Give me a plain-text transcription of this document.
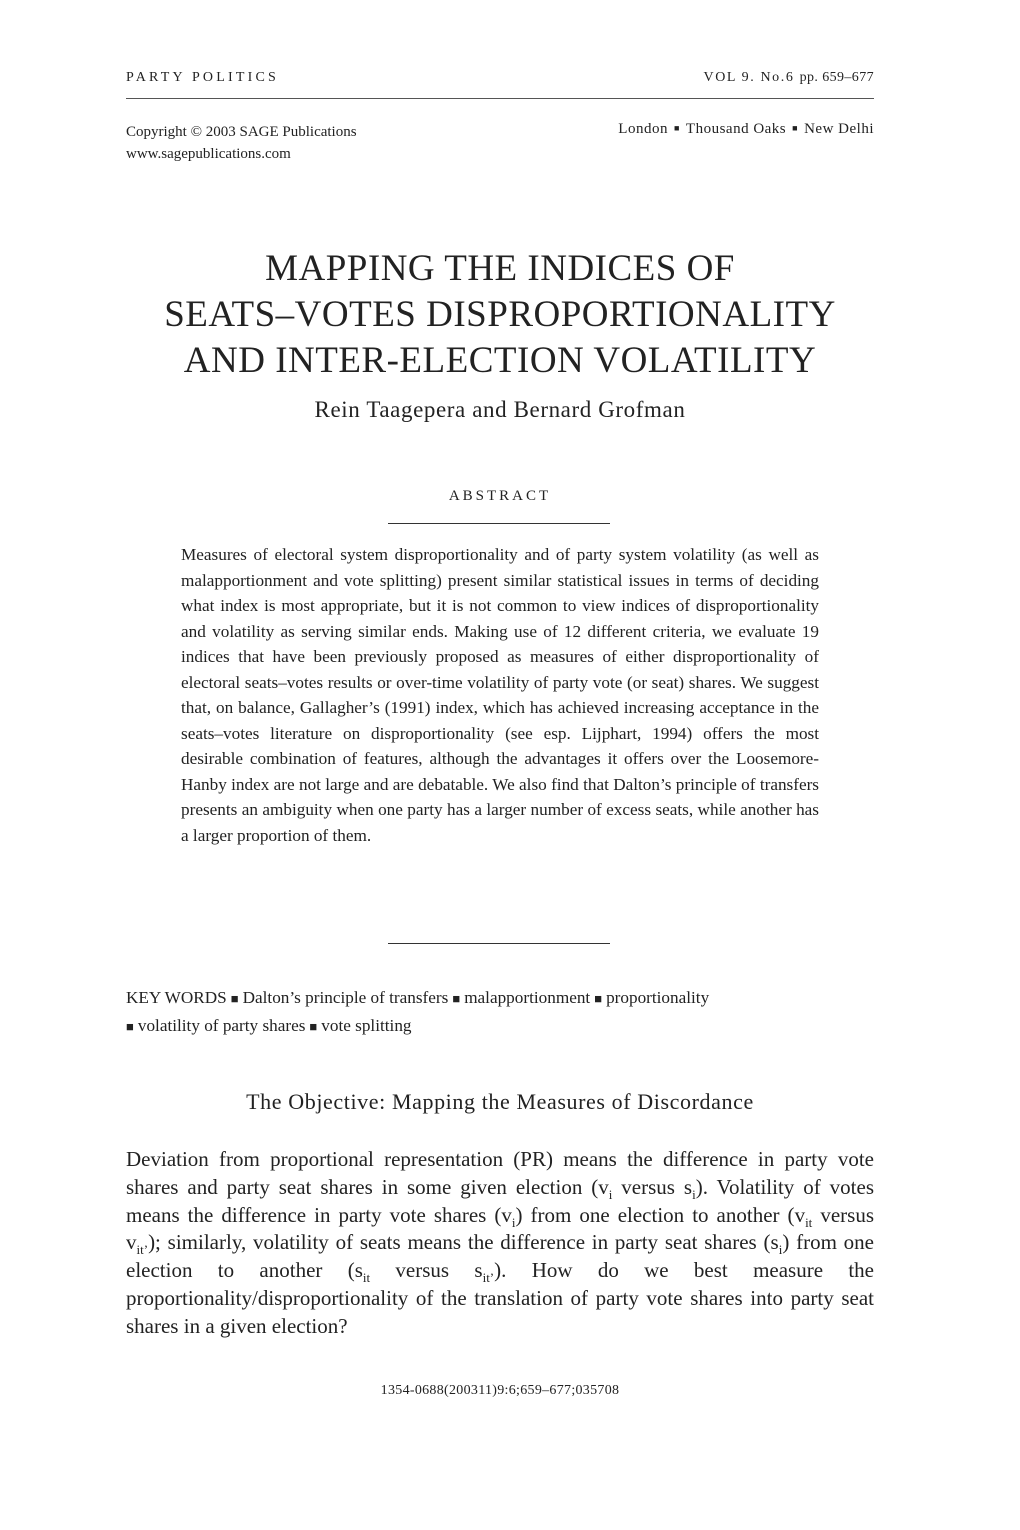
PARTY POLITICS	VOL 9. No.6 pp. 659–677
Copyright © 2003 SAGE Publications
www.sagepublications.com
London ■ Thousand Oaks ■ New Delhi
MAPPING THE INDICES OF
SEATS–VOTES DISPROPORTIONALITY
AND INTER-ELECTION VOLATILITY
Rein Taagepera and Bernard Grofman
ABSTRACT
Measures of electoral system disproportionality and of party system volatility (as well as malapportionment and vote splitting) present similar statistical issues in terms of deciding what index is most appropriate, but it is not common to view indices of disproportionality and volatility as serving similar ends. Making use of 12 different criteria, we evaluate 19 indices that have been previously proposed as measures of either disproportionality of electoral seats–votes results or over-time volatility of party vote (or seat) shares. We suggest that, on balance, Gallagher’s (1991) index, which has achieved increasing acceptance in the seats–votes literature on disproportionality (see esp. Lijphart, 1994) offers the most desirable combination of features, although the advantages it offers over the Loosemore-Hanby index are not large and are debatable. We also find that Dalton’s principle of transfers presents an ambiguity when one party has a larger number of excess seats, while another has a larger proportion of them.
KEY WORDS ■ Dalton’s principle of transfers ■ malapportionment ■ proportionality
■ volatility of party shares ■ vote splitting
The Objective: Mapping the Measures of Discordance
Deviation from proportional representation (PR) means the difference in party vote shares and party seat shares in some given election ($v_i$ versus $s_i$). Volatility of votes means the difference in party vote shares $(v_i)$ from one election to another ($v_{it}$ versus $v_{it’}$); similarly, volatility of seats means the difference in party seat shares $(s_i)$ from one election to another ($s_{it}$ versus $s_{it’}$). How do we best measure the proportionality/disproportionality of the translation of party vote shares into party seat shares in a given election?
1354-0688(200311)9:6;659–677;035708
